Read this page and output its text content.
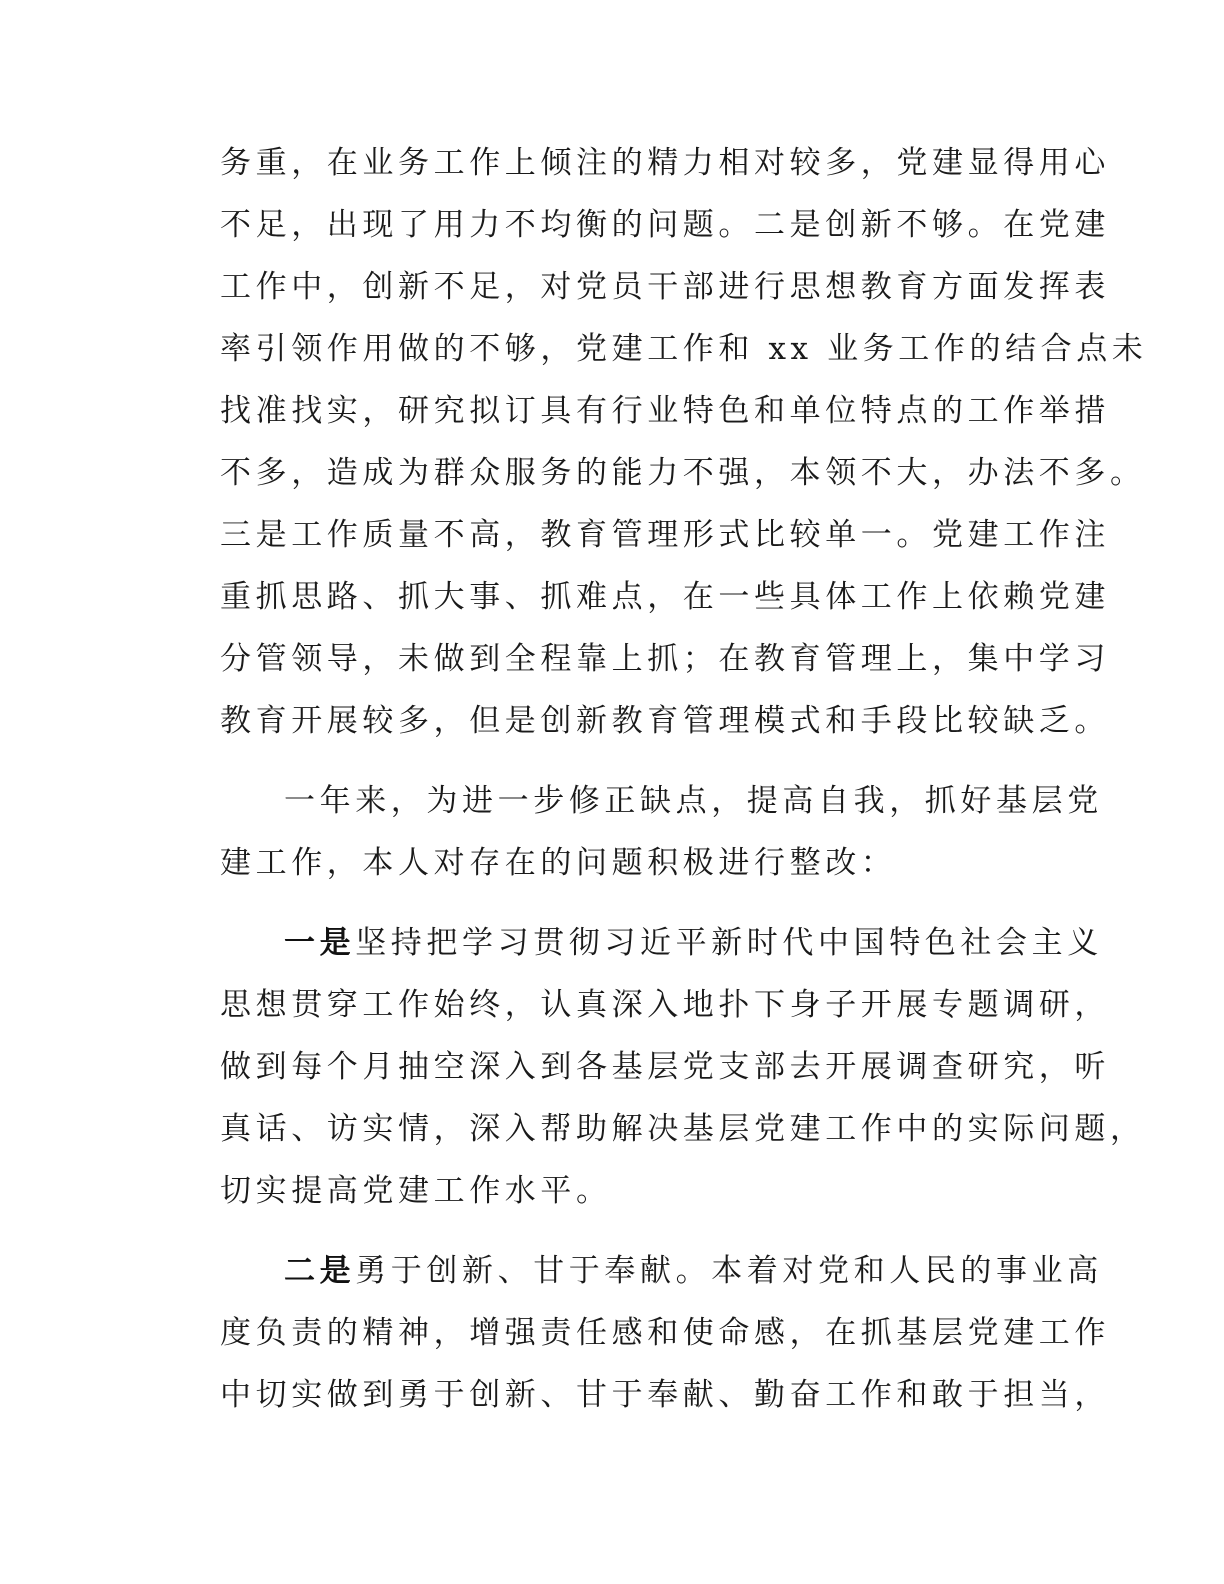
务重，在业务工作上倾注的精力相对较多，党建显得用心
不足，出现了用力不均衡的问题。二是创新不够。在党建
工作中，创新不足，对党员干部进行思想教育方面发挥表
率引领作用做的不够，党建工作和 xx 业务工作的结合点未
找准找实，研究拟订具有行业特色和单位特点的工作举措
不多，造成为群众服务的能力不强，本领不大，办法不多。
三是工作质量不高，教育管理形式比较单一。党建工作注
重抓思路、抓大事、抓难点，在一些具体工作上依赖党建
分管领导，未做到全程靠上抓；在教育管理上，集中学习
教育开展较多，但是创新教育管理模式和手段比较缺乏。
一年来，为进一步修正缺点，提高自我，抓好基层党
建工作，本人对存在的问题积极进行整改：
一是坚持把学习贯彻习近平新时代中国特色社会主义
思想贯穿工作始终，认真深入地扑下身子开展专题调研，
做到每个月抽空深入到各基层党支部去开展调查研究，听
真话、访实情，深入帮助解决基层党建工作中的实际问题，
切实提高党建工作水平。
二是勇于创新、甘于奉献。本着对党和人民的事业高
度负责的精神，增强责任感和使命感，在抓基层党建工作
中切实做到勇于创新、甘于奉献、勤奋工作和敢于担当，
